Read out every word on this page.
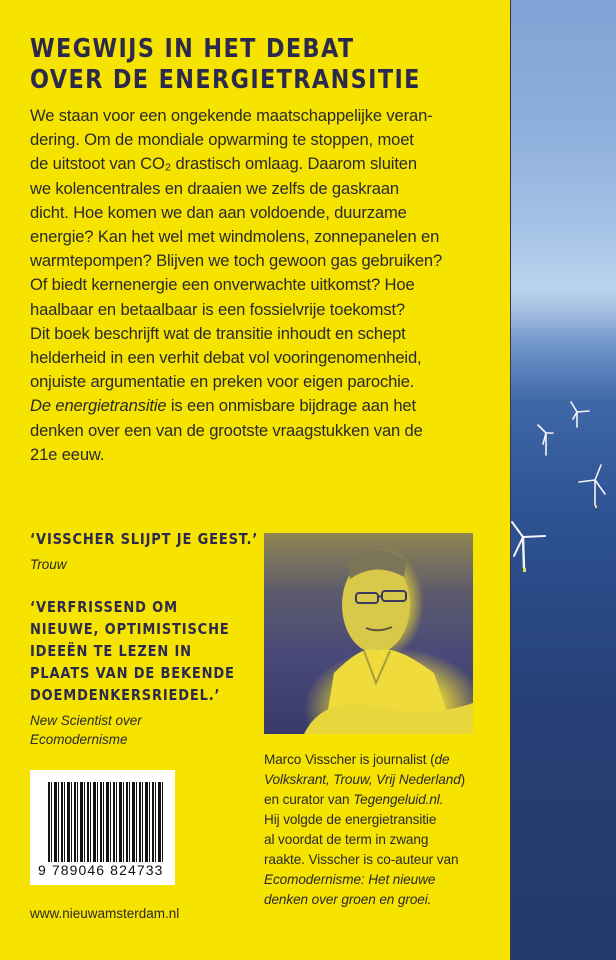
WEGWIJS IN HET DEBAT
OVER DE ENERGIETRANSITIE

We staan voor een ongekende maatschappelijke veran-

dering. Om de mondiale opwarming te stoppen, moet

de uitstoot van CO₂ drastisch omlaag. Daarom sluiten

we kolencentrales en draaien we zelfs de gaskraan

dicht. Hoe komen we dan aan voldoende, duurzame

energie? Kan het wel met windmolens, zonnepanelen en

warmtepompen? Blijven we toch gewoon gas gebruiken?

Of biedt kernenergie een onverwachte uitkomst? Hoe

haalbaar en betaalbaar is een fossielvrije toekomst?

Dit boek beschrijft wat de transitie inhoudt en schept

helderheid in een verhit debat vol vooringenomenheid,

onjuiste argumentatie en preken voor eigen parochie.

De energietransitie is een onmisbare bijdrage aan het

denken over een van de grootste vraagstukken van de

21e eeuw.

‘VISSCHER SLIJPT JE GEEST.’
Trouw
‘VERFRISSEND OM
NIEUWE, OPTIMISTISCHE
IDEEËN TE LEZEN IN
PLAATS VAN DE BEKENDE
DOEMDENKERSRIEDEL.’
New Scientist over
Ecomodernisme

Marco Visscher is journalist (de

Volkskrant, Trouw, Vrij Nederland)

en curator van Tegengeluid.nl.

Hij volgde de energietransitie

al voordat de term in zwang

raakte. Visscher is co-auteur van

Ecomodernisme: Het nieuwe

denken over groen en groei.

9 789046 824733
www.nieuwamsterdam.nl
